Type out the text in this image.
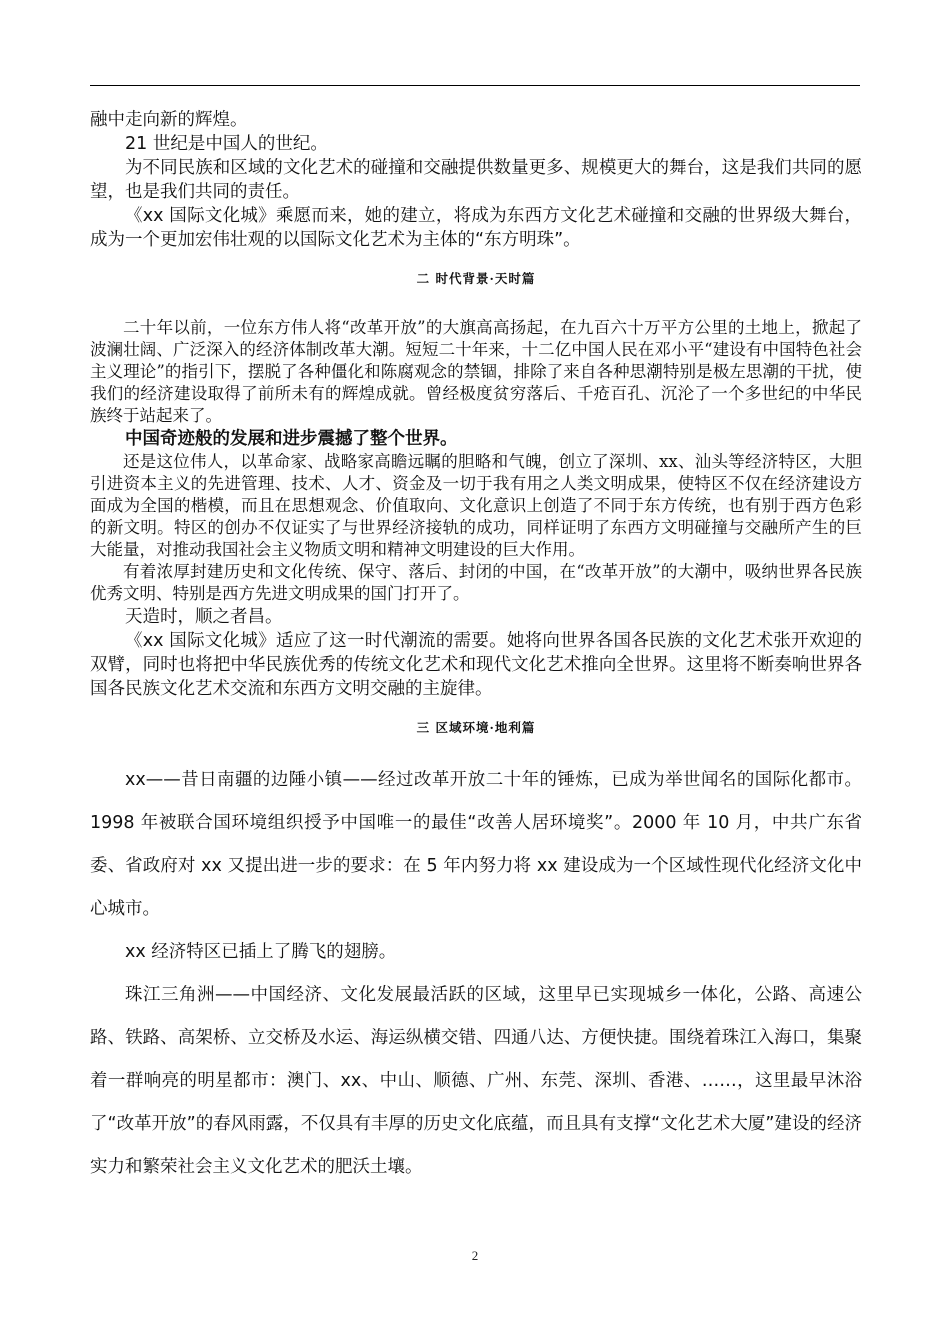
融中走向新的辉煌。

21 世纪是中国人的世纪。

为不同民族和区域的文化艺术的碰撞和交融提供数量更多、规模更大的舞台，这是我们共同的愿望，也是我们共同的责任。

《xx 国际文化城》乘愿而来，她的建立，将成为东西方文化艺术碰撞和交融的世界级大舞台，成为一个更加宏伟壮观的以国际文化艺术为主体的“东方明珠”。

二 时代背景·天时篇

二十年以前，一位东方伟人将“改革开放”的大旗高高扬起，在九百六十万平方公里的土地上，掀起了波澜壮阔、广泛深入的经济体制改革大潮。短短二十年来，十二亿中国人民在邓小平“建设有中国特色社会主义理论”的指引下，摆脱了各种僵化和陈腐观念的禁锢，排除了来自各种思潮特别是极左思潮的干扰，使我们的经济建设取得了前所未有的辉煌成就。曾经极度贫穷落后、千疮百孔、沉沦了一个多世纪的中华民族终于站起来了。

中国奇迹般的发展和进步震撼了整个世界。

还是这位伟人，以革命家、战略家高瞻远瞩的胆略和气魄，创立了深圳、xx、汕头等经济特区，大胆引进资本主义的先进管理、技术、人才、资金及一切于我有用之人类文明成果，使特区不仅在经济建设方面成为全国的楷模，而且在思想观念、价值取向、文化意识上创造了不同于东方传统，也有别于西方色彩的新文明。特区的创办不仅证实了与世界经济接轨的成功，同样证明了东西方文明碰撞与交融所产生的巨大能量，对推动我国社会主义物质文明和精神文明建设的巨大作用。

有着浓厚封建历史和文化传统、保守、落后、封闭的中国，在“改革开放”的大潮中，吸纳世界各民族优秀文明、特别是西方先进文明成果的国门打开了。

天造时，顺之者昌。

《xx 国际文化城》适应了这一时代潮流的需要。她将向世界各国各民族的文化艺术张开欢迎的双臂，同时也将把中华民族优秀的传统文化艺术和现代文化艺术推向全世界。这里将不断奏响世界各国各民族文化艺术交流和东西方文明交融的主旋律。

三 区域环境·地利篇

xx——昔日南疆的边陲小镇——经过改革开放二十年的锤炼，已成为举世闻名的国际化都市。1998 年被联合国环境组织授予中国唯一的最佳“改善人居环境奖”。2000 年 10 月，中共广东省委、省政府对 xx 又提出进一步的要求：在 5 年内努力将 xx 建设成为一个区域性现代化经济文化中心城市。

xx 经济特区已插上了腾飞的翅膀。

珠江三角洲——中国经济、文化发展最活跃的区域，这里早已实现城乡一体化，公路、高速公路、铁路、高架桥、立交桥及水运、海运纵横交错、四通八达、方便快捷。围绕着珠江入海口，集聚着一群响亮的明星都市：澳门、xx、中山、顺德、广州、东莞、深圳、香港、……，这里最早沐浴了“改革开放”的春风雨露，不仅具有丰厚的历史文化底蕴，而且具有支撑“文化艺术大厦”建设的经济实力和繁荣社会主义文化艺术的肥沃土壤。

2
